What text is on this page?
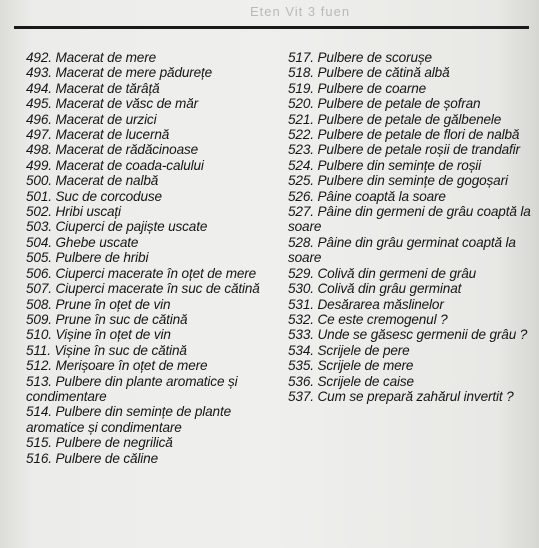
Eten Vit 3 fuen

492. Macerat de mere

493. Macerat de mere pădurețe

494. Macerat de tărâță

495. Macerat de văsc de măr

496. Macerat de urzici

497. Macerat de lucernă

498. Macerat de rădăcinoase

499. Macerat de coada-calului

500. Macerat de nalbă

501. Suc de corcoduse

502. Hribi uscați

503. Ciuperci de pajiște uscate

504. Ghebe uscate

505. Pulbere de hribi

506. Ciuperci macerate în oțet de mere

507. Ciuperci macerate în suc de cătină

508. Prune în oțet de vin

509. Prune în suc de cătină

510. Vișine în oțet de vin

511. Vișine în suc de cătină

512. Merișoare în oțet de mere

513. Pulbere din plante aromatice și condimentare

514. Pulbere din semințe de plante aromatice și condimentare

515. Pulbere de negrilică

516. Pulbere de căline

517. Pulbere de scorușe

518. Pulbere de cătină albă

519. Pulbere de coarne

520. Pulbere de petale de șofran

521. Pulbere de petale de gălbenele

522. Pulbere de petale de flori de nalbă

523. Pulbere de petale roșii de trandafir

524. Pulbere din semințe de roșii

525. Pulbere din semințe de gogoșari

526. Pâine coaptă la soare

527. Pâine din germeni de grâu coaptă la soare

528. Pâine din grâu germinat coaptă la soare

529. Colivă din germeni de grâu

530. Colivă din grâu germinat

531. Desărarea măslinelor

532. Ce este cremogenul ?

533. Unde se găsesc germenii de grâu ?

534. Scrijele de pere

535. Scrijele de mere

536. Scrijele de caise

537. Cum se prepară zahărul invertit ?
